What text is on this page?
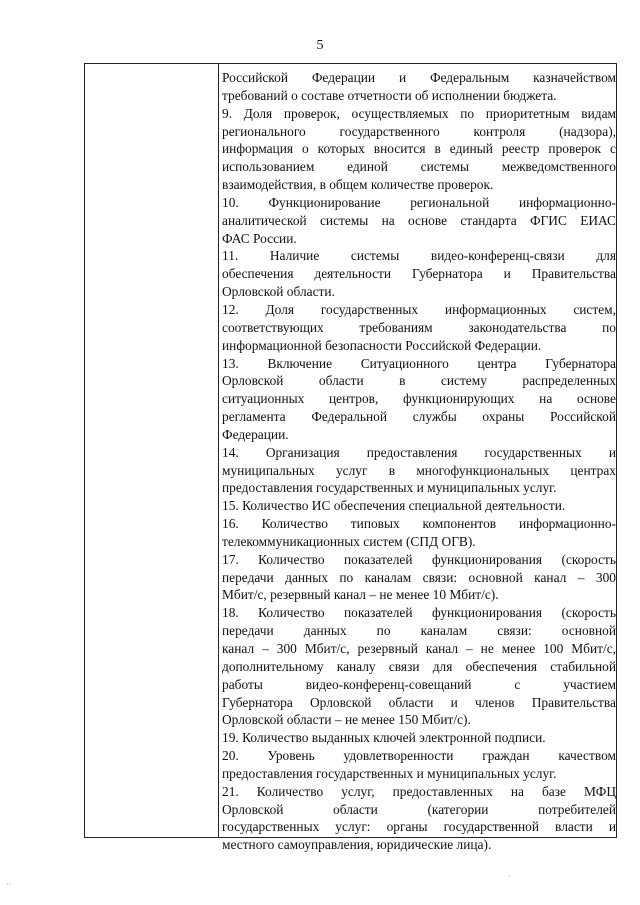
5
Российской Федерации и Федеральным казначейством
требований о составе отчетности об исполнении бюджета.
9. Доля проверок, осуществляемых по приоритетным видам
регионального государственного контроля (надзора),
информация о которых вносится в единый реестр проверок с
использованием единой системы межведомственного
взаимодействия, в общем количестве проверок.
10. Функционирование региональной информационно-
аналитической системы на основе стандарта ФГИС ЕИАС
ФАС России.
11. Наличие системы видео-конференц-связи для
обеспечения деятельности Губернатора и Правительства
Орловской области.
12. Доля государственных информационных систем,
соответствующих требованиям законодательства по
информационной безопасности Российской Федерации.
13. Включение Ситуационного центра Губернатора
Орловской области в систему распределенных
ситуационных центров, функционирующих на основе
регламента Федеральной службы охраны Российской
Федерации.
14. Организация предоставления государственных и
муниципальных услуг в многофункциональных центрах
предоставления государственных и муниципальных услуг.
15. Количество ИС обеспечения специальной деятельности.
16. Количество типовых компонентов информационно-
телекоммуникационных систем (СПД ОГВ).
17. Количество показателей функционирования (скорость
передачи данных по каналам связи: основной канал – 300
Мбит/с, резервный канал – не менее 10 Мбит/с).
18. Количество показателей функционирования (скорость
передачи данных по каналам связи: основной
канал – 300 Мбит/с, резервный канал – не менее 100 Мбит/с,
дополнительному каналу связи для обеспечения стабильной
работы видео-конференц-совещаний с участием
Губернатора Орловской области и членов Правительства
Орловской области – не менее 150 Мбит/с).
19. Количество выданных ключей электронной подписи.
20. Уровень удовлетворенности граждан качеством
предоставления государственных и муниципальных услуг.
21. Количество услуг, предоставленных на базе МФЦ
Орловской области (категории потребителей
государственных услуг: органы государственной власти и
местного самоуправления, юридические лица).
·
··
